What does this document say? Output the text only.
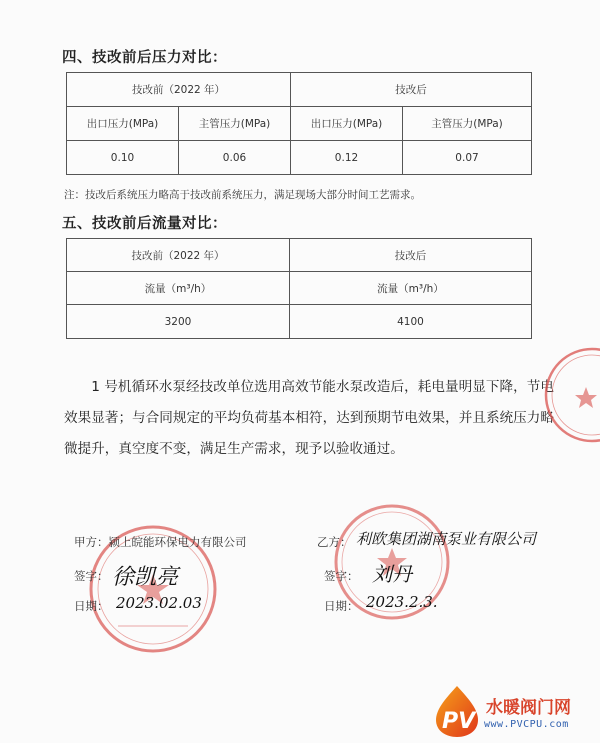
四、技改前后压力对比：
技改前（2022 年）		技改后	
出口压力(MPa)	主管压力(MPa)	出口压力(MPa)	主管压力(MPa)
0.10	0.06	0.12	0.07
注：技改后系统压力略高于技改前系统压力，满足现场大部分时间工艺需求。
五、技改前后流量对比：
技改前（2022 年）	技改后
流量（m³/h）	流量（m³/h）
3200	4100
1 号机循环水泵经技改单位选用高效节能水泵改造后，耗电量明显下降，节电效果显著；与合同规定的平均负荷基本相符，达到预期节电效果，并且系统压力略微提升，真空度不变，满足生产需求，现予以验收通过。
甲方：颍上皖能环保电力有限公司
签字： 徐凯亮
日期： 2023.02.03
乙方： 利欧集团湖南泵业有限公司
签字： 刘丹
日期： 2023.2.3.
PV
水暖阀门网
www.PVCPU.com
